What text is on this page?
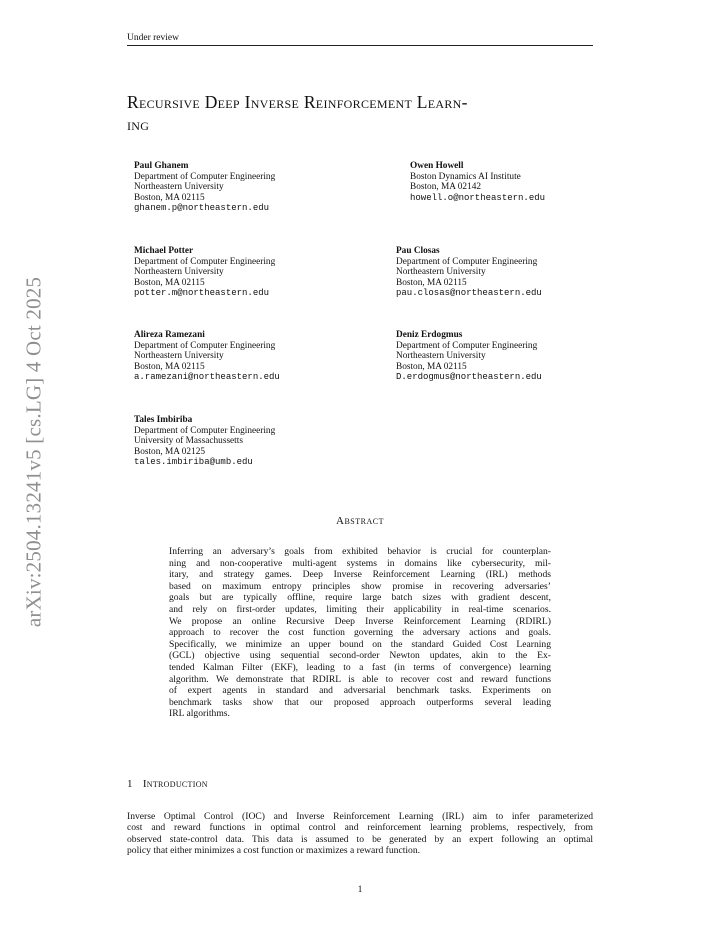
Under review
arXiv:2504.13241v5 [cs.LG] 4 Oct 2025
Recursive Deep Inverse Reinforcement Learn-
ing
Paul Ghanem
Department of Computer Engineering
Northeastern University
Boston, MA 02115
ghanem.p@northeastern.edu
Owen Howell
Boston Dynamics AI Institute
Boston, MA 02142
howell.o@northeastern.edu
Michael Potter
Department of Computer Engineering
Northeastern University
Boston, MA 02115
potter.m@northeastern.edu
Pau Closas
Department of Computer Engineering
Northeastern University
Boston, MA 02115
pau.closas@northeastern.edu
Alireza Ramezani
Department of Computer Engineering
Northeastern University
Boston, MA 02115
a.ramezani@northeastern.edu
Deniz Erdogmus
Department of Computer Engineering
Northeastern University
Boston, MA 02115
D.erdogmus@northeastern.edu
Tales Imbiriba
Department of Computer Engineering
University of Massachussetts
Boston, MA 02125
tales.imbiriba@umb.edu
Abstract
Inferring an adversary’s goals from exhibited behavior is crucial for counterplan-
ning and non-cooperative multi-agent systems in domains like cybersecurity, mil-
itary, and strategy games. Deep Inverse Reinforcement Learning (IRL) methods
based on maximum entropy principles show promise in recovering adversaries’
goals but are typically offline, require large batch sizes with gradient descent,
and rely on first-order updates, limiting their applicability in real-time scenarios.
We propose an online Recursive Deep Inverse Reinforcement Learning (RDIRL)
approach to recover the cost function governing the adversary actions and goals.
Specifically, we minimize an upper bound on the standard Guided Cost Learning
(GCL) objective using sequential second-order Newton updates, akin to the Ex-
tended Kalman Filter (EKF), leading to a fast (in terms of convergence) learning
algorithm. We demonstrate that RDIRL is able to recover cost and reward functions
of expert agents in standard and adversarial benchmark tasks. Experiments on
benchmark tasks show that our proposed approach outperforms several leading
IRL algorithms.
1 Introduction
Inverse Optimal Control (IOC) and Inverse Reinforcement Learning (IRL) aim to infer parameterized
cost and reward functions in optimal control and reinforcement learning problems, respectively, from
observed state-control data. This data is assumed to be generated by an expert following an optimal
policy that either minimizes a cost function or maximizes a reward function.
1
